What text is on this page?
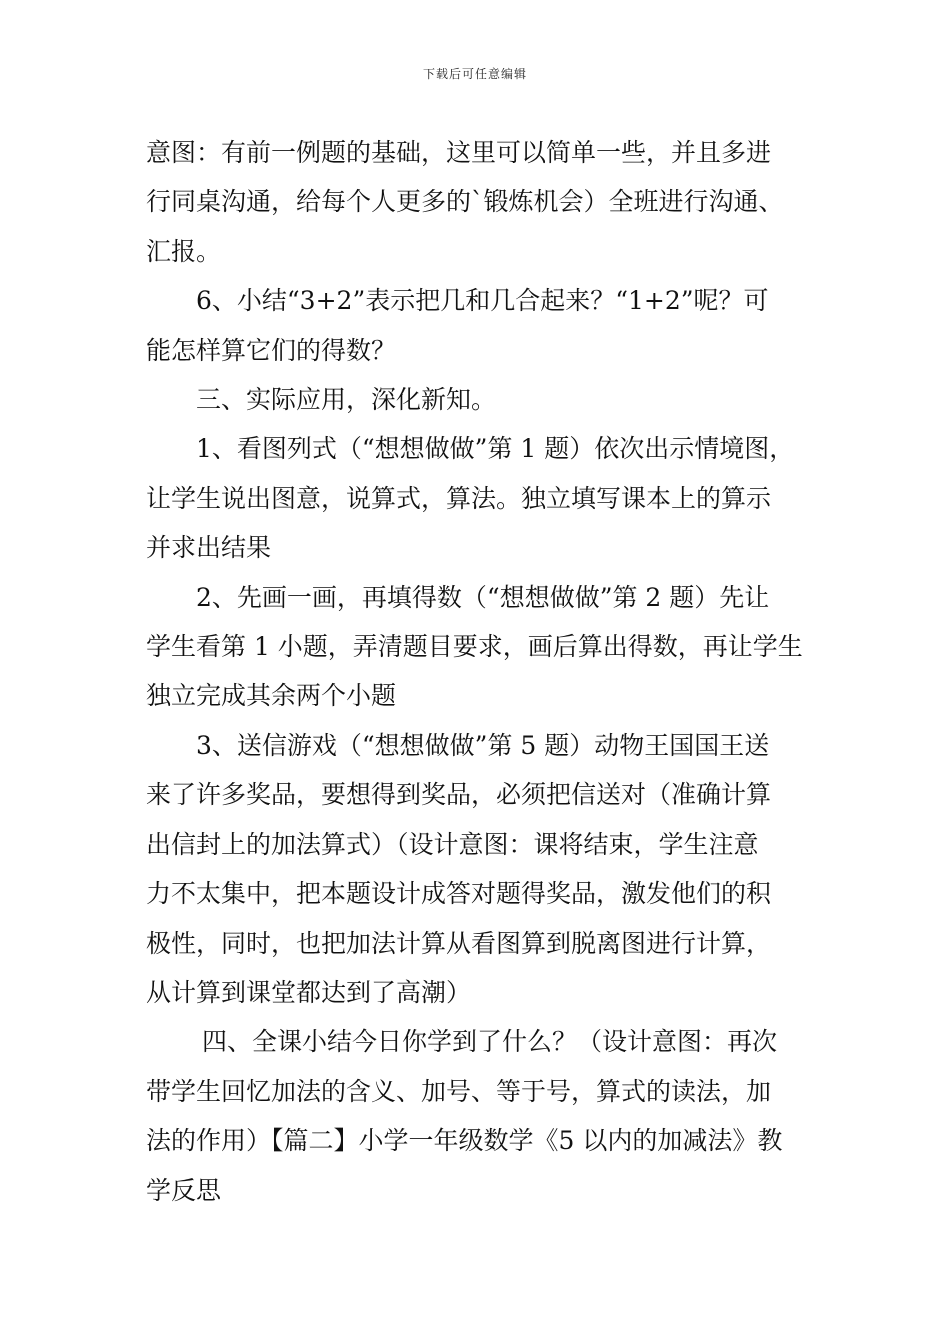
下载后可任意编辑
意图：有前一例题的基础，这里可以简单一些，并且多进
行同桌沟通，给每个人更多的`锻炼机会）全班进行沟通、
汇报。
6、小结“3+2”表示把几和几合起来？“1+2”呢？可
能怎样算它们的得数？
三、实际应用，深化新知。
1、看图列式（“想想做做”第 1 题）依次出示情境图，
让学生说出图意，说算式，算法。独立填写课本上的算示
并求出结果
2、先画一画，再填得数（“想想做做”第 2 题）先让
学生看第 1 小题，弄清题目要求，画后算出得数，再让学生
独立完成其余两个小题
3、送信游戏（“想想做做”第 5 题）动物王国国王送
来了许多奖品，要想得到奖品，必须把信送对（准确计算
出信封上的加法算式）（设计意图：课将结束，学生注意
力不太集中，把本题设计成答对题得奖品，激发他们的积
极性，同时，也把加法计算从看图算到脱离图进行计算，
从计算到课堂都达到了高潮）
四、全课小结今日你学到了什么？（设计意图：再次
带学生回忆加法的含义、加号、等于号，算式的读法，加
法的作用）【篇二】小学一年级数学《5 以内的加减法》教
学反思
